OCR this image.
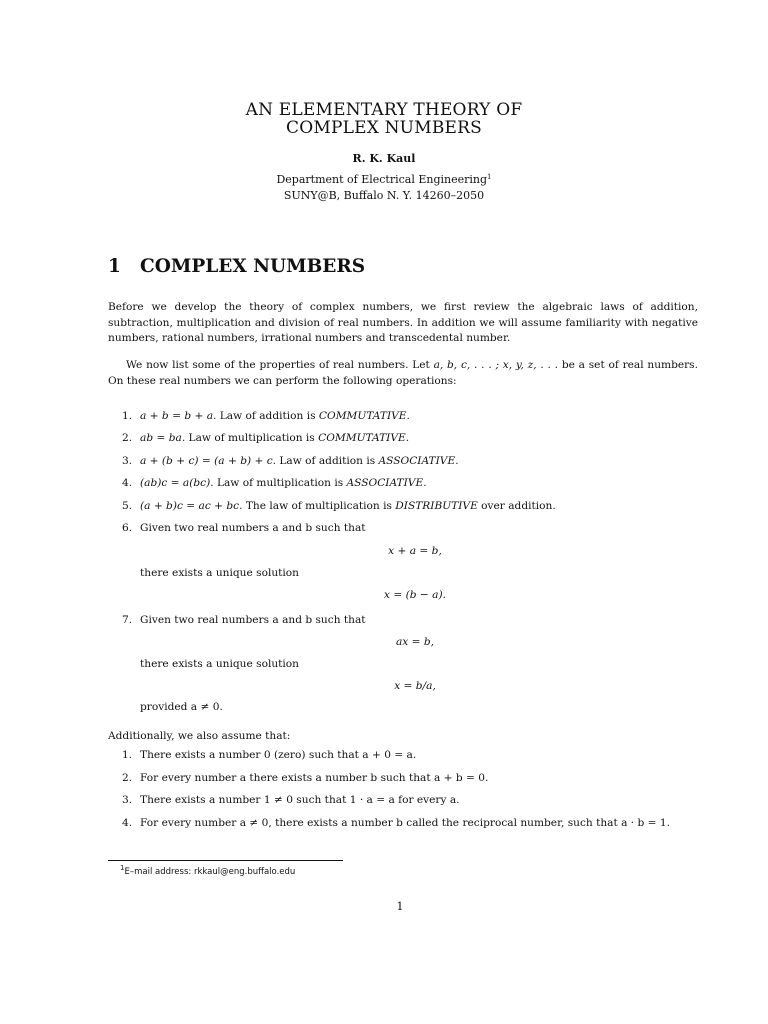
AN ELEMENTARY THEORY OF
COMPLEX NUMBERS
R. K. Kaul
Department of Electrical Engineering$^1$
SUNY@B, Buffalo N. Y. 14260–2050
1 COMPLEX NUMBERS
Before we develop the theory of complex numbers, we first review the algebraic laws of addition, subtraction, multiplication and division of real numbers. In addition we will assume familiarity with negative numbers, rational numbers, irrational numbers and transcedental number.
We now list some of the properties of real numbers. Let a, b, c, . . . ; x, y, z, . . . be a set of real numbers. On these real numbers we can perform the following operations:
1. a + b = b + a. Law of addition is COMMUTATIVE.
2. ab = ba. Law of multiplication is COMMUTATIVE.
3. a + (b + c) = (a + b) + c. Law of addition is ASSOCIATIVE.
4. (ab)c = a(bc). Law of multiplication is ASSOCIATIVE.
5. (a + b)c = ac + bc. The law of multiplication is DISTRIBUTIVE over addition.
6. Given two real numbers a and b such that
x + a = b,
there exists a unique solution
x = (b − a).
7. Given two real numbers a and b such that
ax = b,
there exists a unique solution
x = b/a,
provided a ≠ 0.
Additionally, we also assume that:
1. There exists a number 0 (zero) such that a + 0 = a.
2. For every number a there exists a number b such that a + b = 0.
3. There exists a number 1 ≠ 0 such that 1 · a = a for every a.
4. For every number a ≠ 0, there exists a number b called the reciprocal number, such that a · b = 1.
$^1$E–mail address: rkkaul@eng.buffalo.edu
1
